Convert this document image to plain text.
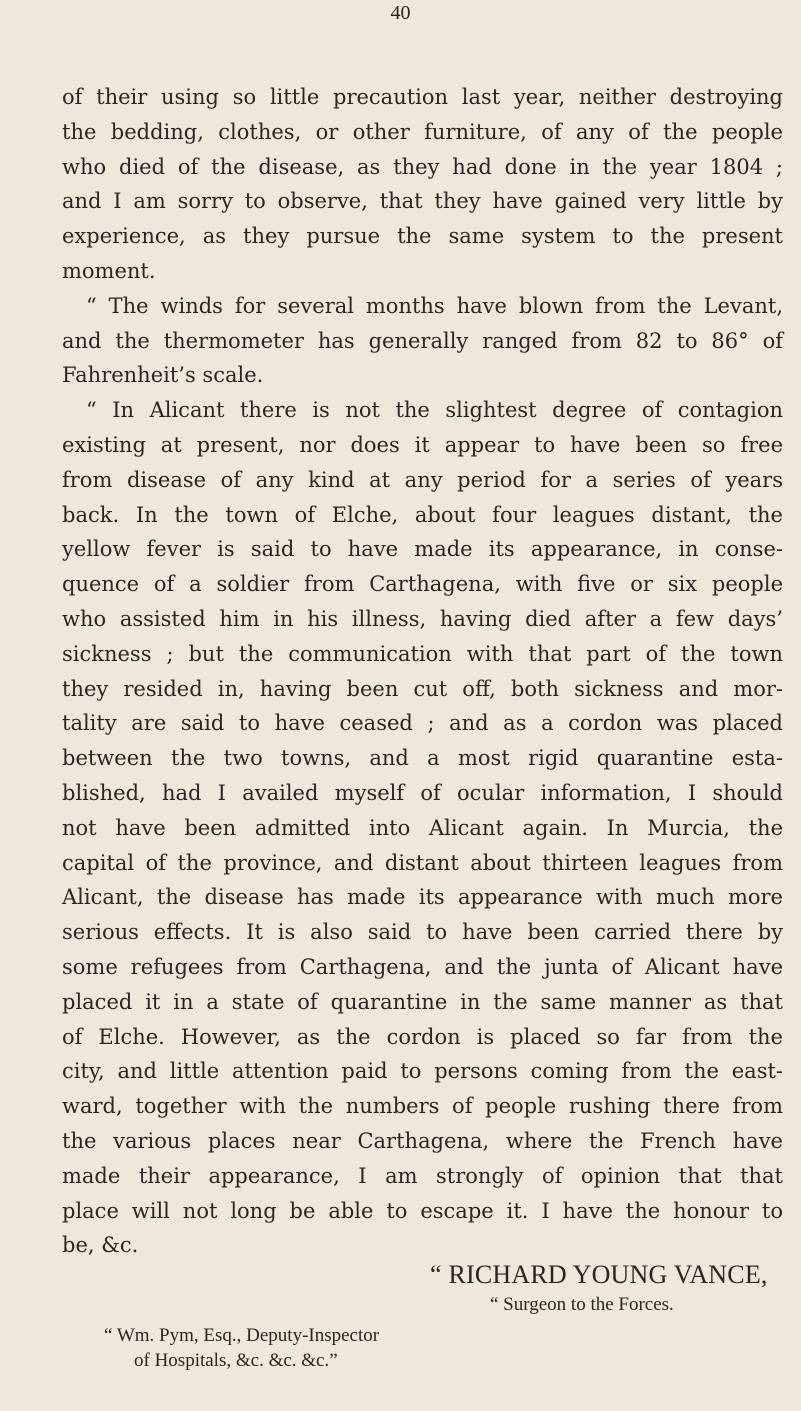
40
of their using so little precaution last year, neither destroying
the bedding, clothes, or other furniture, of any of the people
who died of the disease, as they had done in the year 1804 ;
and I am sorry to observe, that they have gained very little by
experience, as they pursue the same system to the present
moment.
“ The winds for several months have blown from the Levant,
and the thermometer has generally ranged from 82 to 86° of
Fahrenheit’s scale.
“ In Alicant there is not the slightest degree of contagion
existing at present, nor does it appear to have been so free
from disease of any kind at any period for a series of years
back. In the town of Elche, about four leagues distant, the
yellow fever is said to have made its appearance, in conse-
quence of a soldier from Carthagena, with five or six people
who assisted him in his illness, having died after a few days’
sickness ; but the communication with that part of the town
they resided in, having been cut off, both sickness and mor-
tality are said to have ceased ; and as a cordon was placed
between the two towns, and a most rigid quarantine esta-
blished, had I availed myself of ocular information, I should
not have been admitted into Alicant again. In Murcia, the
capital of the province, and distant about thirteen leagues from
Alicant, the disease has made its appearance with much more
serious effects. It is also said to have been carried there by
some refugees from Carthagena, and the junta of Alicant have
placed it in a state of quarantine in the same manner as that
of Elche. However, as the cordon is placed so far from the
city, and little attention paid to persons coming from the east-
ward, together with the numbers of people rushing there from
the various places near Carthagena, where the French have
made their appearance, I am strongly of opinion that that
place will not long be able to escape it. I have the honour to
be, &c.
“ RICHARD YOUNG VANCE,
“ Surgeon to the Forces.
“ Wm. Pym, Esq., Deputy-Inspector
of Hospitals, &c. &c. &c.”
